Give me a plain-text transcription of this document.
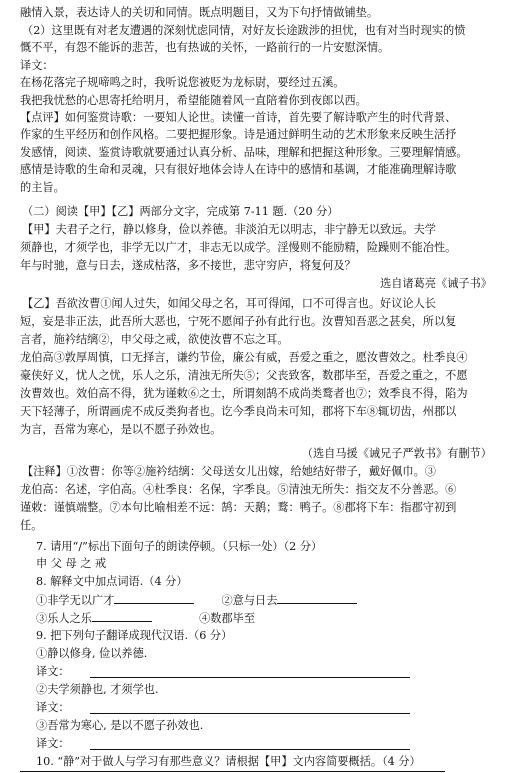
融情入景，表达诗人的关切和同情。既点明题目，又为下句抒情做铺垫。
（2）这里既有对老友遭遇的深刻忧虑同情，对好友长途跋涉的担忧，也有对当时现实的愤
慨不平，有怨不能诉的悲苦，也有热诚的关怀，一路前行的一片安慰深情。
译文：
在杨花落完子规啼鸣之时，我听说您被贬为龙标尉，要经过五溪。
我把我忧愁的心思寄托给明月，希望能随着风一直陪着你到夜郎以西。
【点评】如何鉴赏诗歌：一要知人论世。读懂一首诗，首先要了解诗歌产生的时代背景、
作家的生平经历和创作风格。二要把握形象。诗是通过鲜明生动的艺术形象来反映生活抒
发感情，阅读、鉴赏诗歌就要通过认真分析、品味，理解和把握这种形象。三要理解情感。
感情是诗歌的生命和灵魂，只有很好地体会诗人在诗中的感情和基调，才能准确理解诗歌
的主旨。
（二）阅读【甲】【乙】两部分文字，完成第 7-11 题.（20 分）
【甲】夫君子之行，静以修身，俭以养德。非淡泊无以明志，非宁静无以致远。夫学
须静也，才须学也，非学无以广才，非志无以成学。淫慢则不能励精，险躁则不能冶性。
年与时驰，意与日去，遂成枯落，多不接世，悲守穷庐，将复何及？
选自诸葛亮《诫子书》
【乙】吾欲汝曹①闻人过失，如闻父母之名，耳可得闻，口不可得言也。好议论人长
短，妄是非正法，此吾所大恶也，宁死不愿闻子孙有此行也。汝曹知吾恶之甚矣，所以复
言者，施衿结缡②，申父母之戒，欲使汝曹不忘之耳。
龙伯高③敦厚周慎，口无择言，谦约节俭，廉公有威，吾爱之重之，愿汝曹效之。杜季良④
豪侠好义，忧人之忧，乐人之乐，清浊无所失⑤；父丧致客，数郡毕至，吾爱之重之，不愿
汝曹效也。效伯高不得，犹为谨敕⑥之士，所谓刻鹄不成尚类鹜者也⑦；效季良不得，陷为
天下轻薄子，所谓画虎不成反类狗者也。讫今季良尚未可知，郡将下车⑧辄切齿，州郡以
为言，吾常为寒心，是以不愿子孙效也。
（选自马援《诫兄子严敦书》有删节）
【注释】①汝曹：你等②施衿结缡：父母送女儿出嫁，给她结好带子，戴好佩巾。③
龙伯高：名述，字伯高。④杜季良：名保，字季良。⑤清浊无所失：指交友不分善恶。⑥
谨敕：谨慎端整。⑦本句比喻相差不远：鹄：天鹅；鹜：鸭子。⑧郡将下车：指郡守初到
任。
7. 请用“/”标出下面句子的朗读停顿。（只标一处）（2 分）
申 父 母 之 戒
8. 解释文中加点词语.（4 分）
①非学无以广才	②意与日去
③乐人之乐	④数郡毕至
9. 把下列句子翻译成现代汉语.（6 分）
①静以修身, 俭以养德.
译文：
②夫学须静也, 才须学也.
译文：
③吾常为寒心, 是以不愿子孙效也.
译文：
10. “静”对于做人与学习有那些意义？请根据【甲】文内容简要概括。（4 分）
